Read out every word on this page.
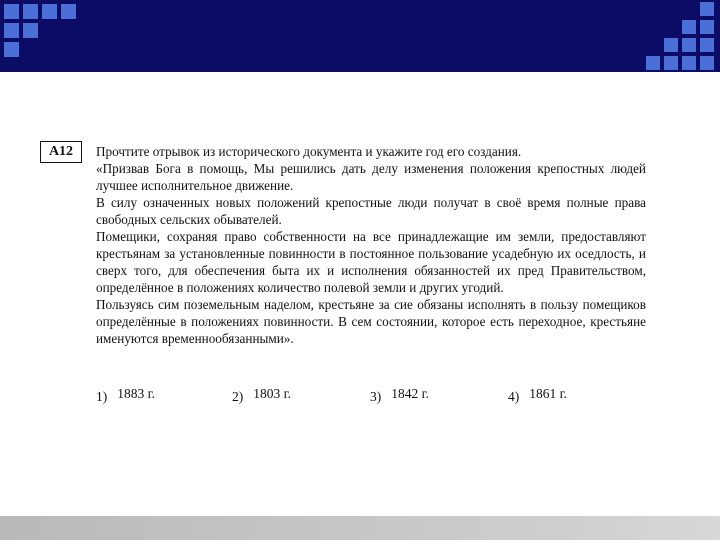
А12	Прочтите отрывок из исторического документа и укажите год его создания.

«Призвав Бога в помощь, Мы решились дать делу изменения положения крепостных людей лучшее исполнительное движение.

В силу означенных новых положений крепостные люди получат в своё время полные права свободных сельских обывателей.

Помещики, сохраняя право собственности на все принадлежащие им земли, предоставляют крестьянам за установленные повинности в постоянное пользование усадебную их оседлость, и сверх того, для обеспечения быта их и исполнения обязанностей их пред Правительством, определённое в положениях количество полевой земли и других угодий.

Пользуясь сим поземельным наделом, крестьяне за сие обязаны исполнять в пользу помещиков определённые в положениях повинности. В сем состоянии, которое есть переходное, крестьяне именуются временнообязанными».

1) 1883 г.	2) 1803 г.	3) 1842 г.	4) 1861 г.
